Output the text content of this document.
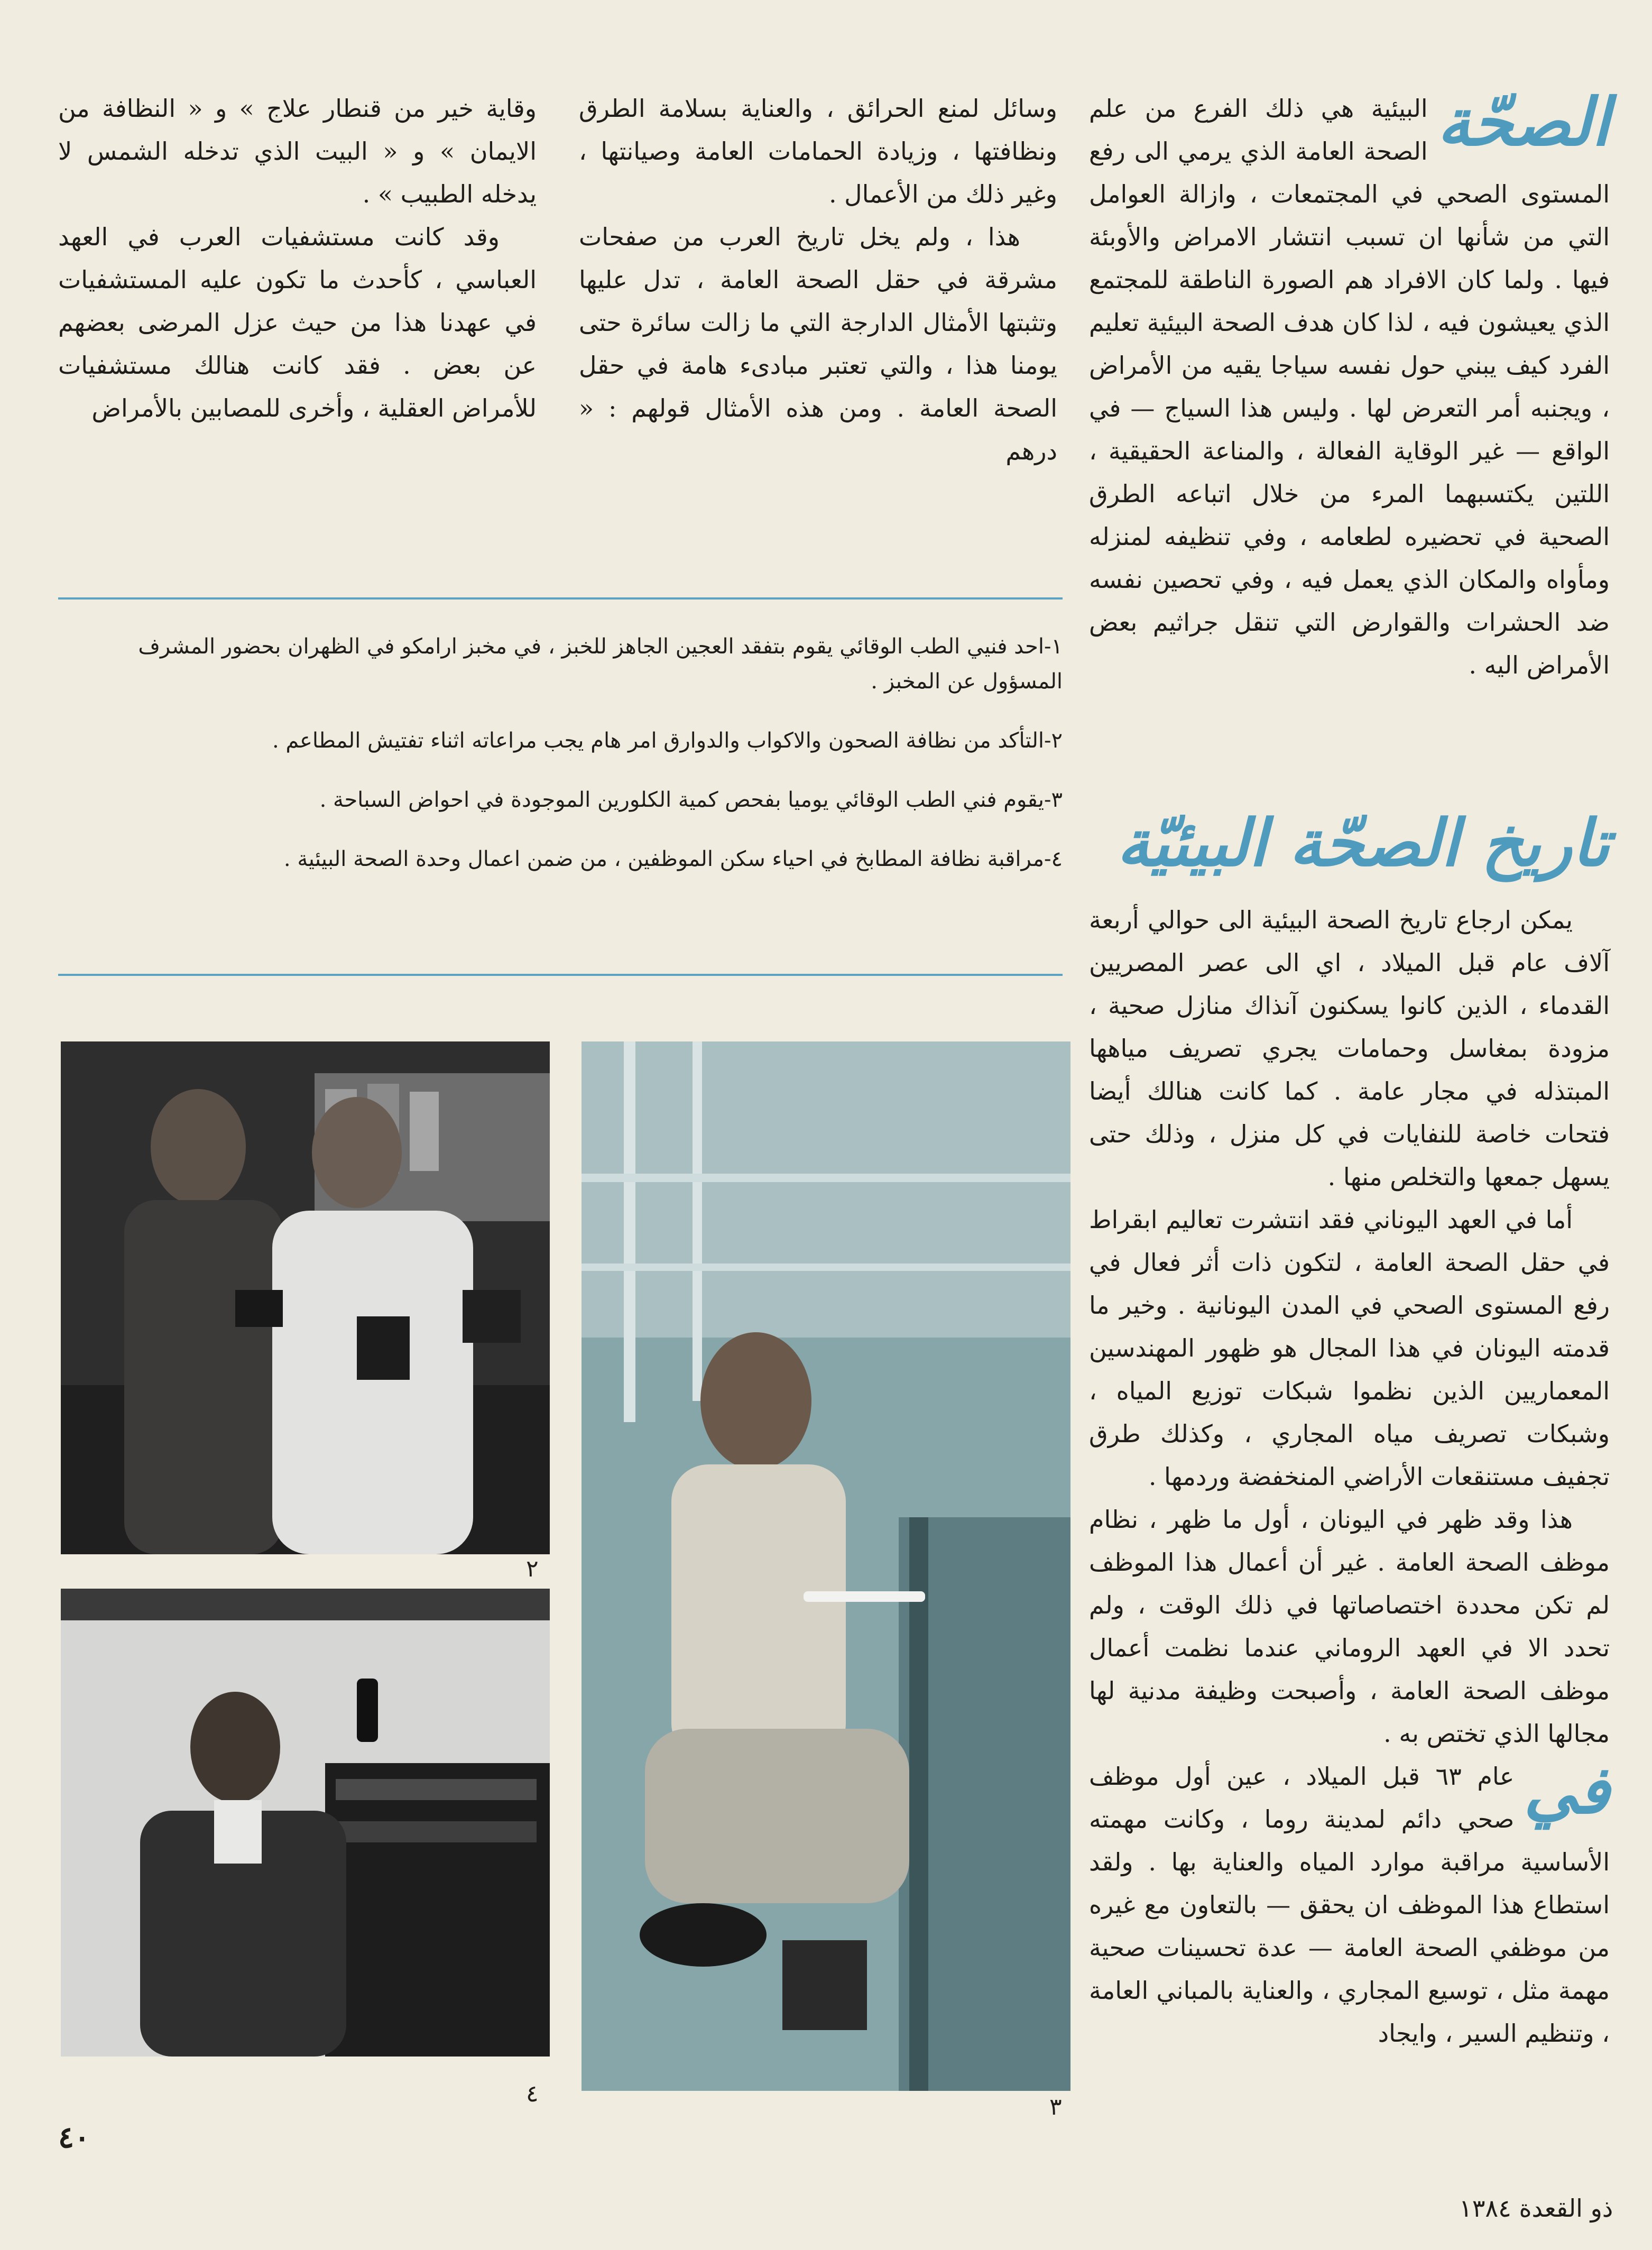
الصحّة
البيئية هي ذلك الفرع من علم الصحة العامة الذي يرمي الى رفع المستوى الصحي في المجتمعات ، وازالة العوامل التي من شأنها ان تسبب انتشار الامراض والأوبئة فيها . ولما كان الافراد هم الصورة الناطقة للمجتمع الذي يعيشون فيه ، لذا كان هدف الصحة البيئية تعليم الفرد كيف يبني حول نفسه سياجا يقيه من الأمراض ، ويجنبه أمر التعرض لها . وليس هذا السياج — في الواقع — غير الوقاية الفعالة ، والمناعة الحقيقية ، اللتين يكتسبهما المرء من خلال اتباعه الطرق الصحية في تحضيره لطعامه ، وفي تنظيفه لمنزله ومأواه والمكان الذي يعمل فيه ، وفي تحصين نفسه ضد الحشرات والقوارض التي تنقل جراثيم بعض الأمراض اليه .
تاريخ الصحّة البيئيّة

يمكن ارجاع تاريخ الصحة البيئية الى حوالي أربعة آلاف عام قبل الميلاد ، اي الى عصر المصريين القدماء ، الذين كانوا يسكنون آنذاك منازل صحية ، مزودة بمغاسل وحمامات يجري تصريف مياهها المبتذله في مجار عامة . كما كانت هنالك أيضا فتحات خاصة للنفايات في كل منزل ، وذلك حتى يسهل جمعها والتخلص منها .

أما في العهد اليوناني فقد انتشرت تعاليم ابقراط في حقل الصحة العامة ، لتكون ذات أثر فعال في رفع المستوى الصحي في المدن اليونانية . وخير ما قدمته اليونان في هذا المجال هو ظهور المهندسين المعماريين الذين نظموا شبكات توزيع المياه ، وشبكات تصريف مياه المجاري ، وكذلك طرق تجفيف مستنقعات الأراضي المنخفضة وردمها .

هذا وقد ظهر في اليونان ، أول ما ظهر ، نظام موظف الصحة العامة . غير أن أعمال هذا الموظف لم تكن محددة اختصاصاتها في ذلك الوقت ، ولم تحدد الا في العهد الروماني عندما نظمت أعمال موظف الصحة العامة ، وأصبحت وظيفة مدنية لها مجالها الذي تختص به .

في
عام ٦٣ قبل الميلاد ، عين أول موظف صحي دائم لمدينة روما ، وكانت مهمته الأساسية مراقبة موارد المياه والعناية بها . ولقد استطاع هذا الموظف ان يحقق — بالتعاون مع غيره من موظفي الصحة العامة — عدة تحسينات صحية مهمة مثل ، توسيع المجاري ، والعناية بالمباني العامة ، وتنظيم السير ، وايجاد

وسائل لمنع الحرائق ، والعناية بسلامة الطرق ونظافتها ، وزيادة الحمامات العامة وصيانتها ، وغير ذلك من الأعمال .

هذا ، ولم يخل تاريخ العرب من صفحات مشرقة في حقل الصحة العامة ، تدل عليها وتثبتها الأمثال الدارجة التي ما زالت سائرة حتى يومنا هذا ، والتي تعتبر مبادىء هامة في حقل الصحة العامة . ومن هذه الأمثال قولهم : « درهم

وقاية خير من قنطار علاج » و « النظافة من الايمان » و « البيت الذي تدخله الشمس لا يدخله الطبيب » .

وقد كانت مستشفيات العرب في العهد العباسي ، كأحدث ما تكون عليه المستشفيات في عهدنا هذا من حيث عزل المرضى بعضهم عن بعض . فقد كانت هنالك مستشفيات للأمراض العقلية ، وأخرى للمصابين بالأمراض

١-احد فنيي الطب الوقائي يقوم بتفقد العجين الجاهز للخبز ، في مخبز ارامكو في الظهران بحضور المشرف المسؤول عن المخبز .

٢-التأكد من نظافة الصحون والاكواب والدوارق امر هام يجب مراعاته اثناء تفتيش المطاعم .

٣-يقوم فني الطب الوقائي يوميا بفحص كمية الكلورين الموجودة في احواض السباحة .

٤-مراقبة نظافة المطابخ في احياء سكن الموظفين ، من ضمن اعمال وحدة الصحة البيئية .

٢
٤	٣
٤٠
ذو القعدة ١٣٨٤
